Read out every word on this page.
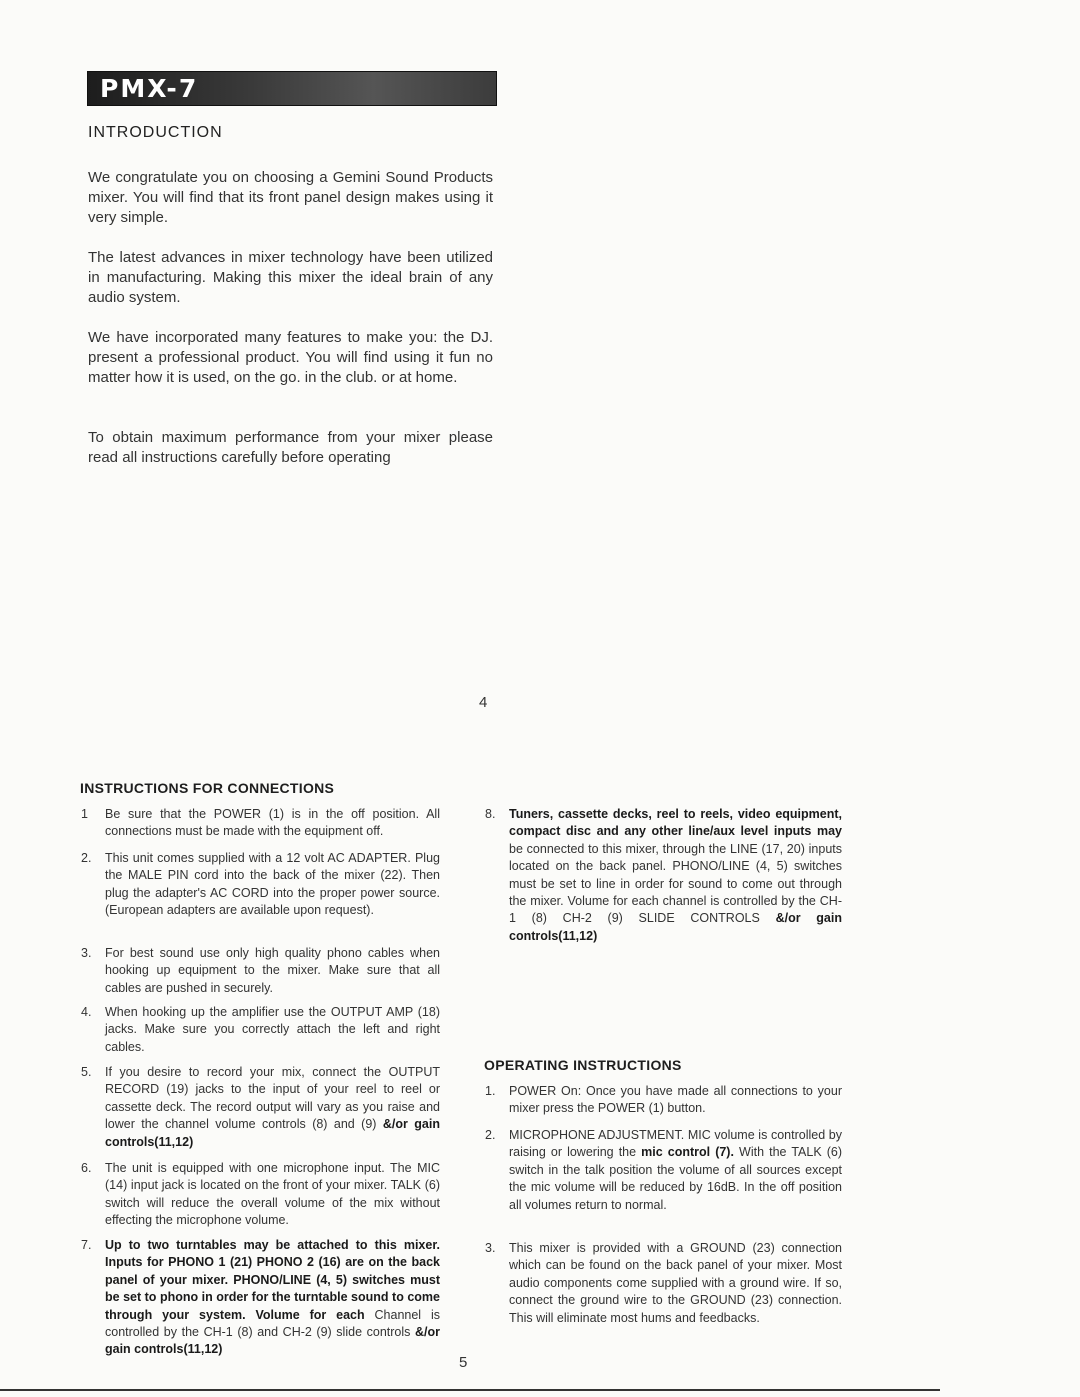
PMX-7
INTRODUCTION

We congratulate you on choosing a Gemini Sound Products mixer. You will find that its front panel design makes using it very simple.

The latest advances in mixer technology have been utilized in manufacturing. Making this mixer the ideal brain of any audio system.

We have incorporated many features to make you: the DJ. present a professional product. You will find using it fun no matter how it is used, on the go. in the club. or at home.

To obtain maximum performance from your mixer please read all instructions carefully before operating

4
INSTRUCTIONS FOR CONNECTIONS
1	Be sure that the POWER (1) is in the off position. All connections must be made with the equipment off.
2.	This unit comes supplied with a 12 volt AC ADAPTER. Plug the MALE PIN cord into the back of the mixer (22). Then plug the adapter's AC CORD into the proper power source. (European adapters are available upon request).
3.	For best sound use only high quality phono cables when hooking up equipment to the mixer. Make sure that all cables are pushed in securely.
4.	When hooking up the amplifier use the OUTPUT AMP (18) jacks. Make sure you correctly attach the left and right cables.
5.	If you desire to record your mix, connect the OUTPUT RECORD (19) jacks to the input of your reel to reel or cassette deck. The record output will vary as you raise and lower the channel volume controls (8) and (9) &/or gain controls(11,12)
6.	The unit is equipped with one microphone input. The MIC (14) input jack is located on the front of your mixer. TALK (6) switch will reduce the overall volume of the mix without effecting the microphone volume.
7.	Up to two turntables may be attached to this mixer. Inputs for PHONO 1 (21) PHONO 2 (16) are on the back panel of your mixer. PHONO/LINE (4, 5) switches must be set to phono in order for the turntable sound to come through your system. Volume for each Channel is controlled by the CH-1 (8) and CH-2 (9) slide controls &/or gain controls(11,12)
8.	Tuners, cassette decks, reel to reels, video equipment, compact disc and any other line/aux level inputs may be connected to this mixer, through the LINE (17, 20) inputs located on the back panel. PHONO/LINE (4, 5) switches must be set to line in order for sound to come out through the mixer. Volume for each channel is controlled by the CH-1 (8) CH-2 (9) SLIDE CONTROLS &/or gain controls(11,12)
OPERATING INSTRUCTIONS
1.	POWER On: Once you have made all connections to your mixer press the POWER (1) button.
2.	MICROPHONE ADJUSTMENT. MIC volume is controlled by raising or lowering the mic control (7). With the TALK (6) switch in the talk position the volume of all sources except the mic volume will be reduced by 16dB. In the off position all volumes return to normal.
3.	This mixer is provided with a GROUND (23) connection which can be found on the back panel of your mixer. Most audio components come supplied with a ground wire. If so, connect the ground wire to the GROUND (23) connection. This will eliminate most hums and feedbacks.
5
